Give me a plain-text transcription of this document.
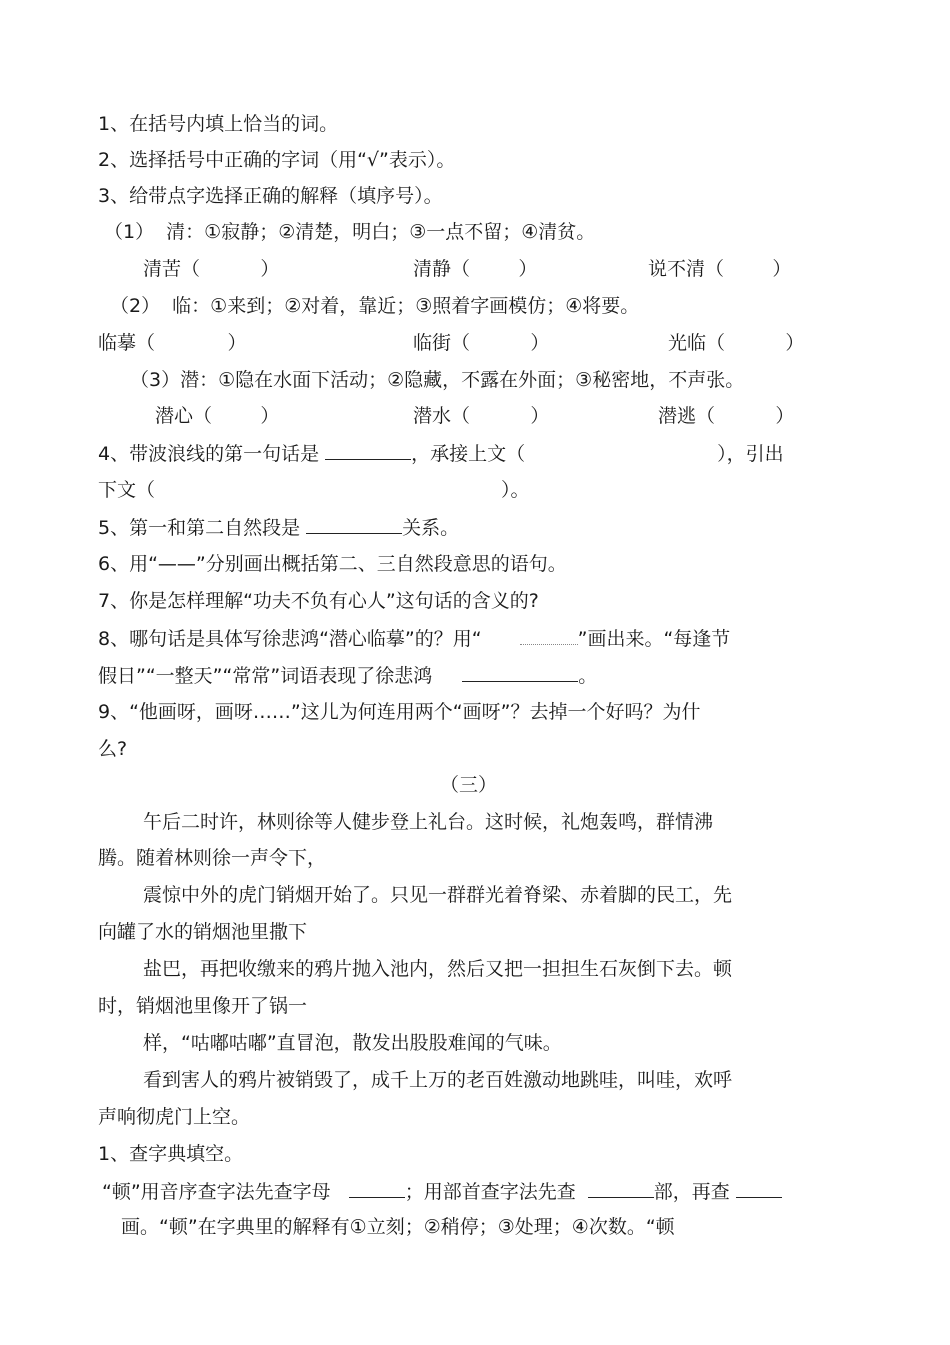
1、在括号内填上恰当的词。
2、选择括号中正确的字词（用“√”表示）。
3、给带点字选择正确的解释（填序号）。
（1）  清：①寂静；②清楚，明白；③一点不留；④清贫。
清苦（          ）	清静（        ）	说不清（        ）
（2）  临：①来到；②对着，靠近；③照着字画模仿；④将要。
临摹（            ）	临街（          ）	光临（          ）
（3）潜：①隐在水面下活动；②隐藏，不露在外面；③秘密地，不声张。
潜心（        ）	潜水（          ）	潜逃（          ）
4、带波浪线的第一句话是	，承接上文（	），引出
下文（	）。
5、第一和第二自然段是	关系。
6、用“——”分别画出概括第二、三自然段意思的语句。
7、你是怎样理解“功夫不负有心人”这句话的含义的?
8、哪句话是具体写徐悲鸿“潜心临摹”的？用“	”画出来。“每逢节
假日”“一整天”“常常”词语表现了徐悲鸿	。
9、“他画呀，画呀……”这儿为何连用两个“画呀”？去掉一个好吗？为什
么?
（三）
午后二时许，林则徐等人健步登上礼台。这时候，礼炮轰鸣，群情沸
腾。随着林则徐一声令下，
震惊中外的虎门销烟开始了。只见一群群光着脊梁、赤着脚的民工，先
向罐了水的销烟池里撒下
盐巴，再把收缴来的鸦片抛入池内，然后又把一担担生石灰倒下去。顿
时，销烟池里像开了锅一
样，“咕嘟咕嘟”直冒泡，散发出股股难闻的气味。
看到害人的鸦片被销毁了，成千上万的老百姓激动地跳哇，叫哇，欢呼
声响彻虎门上空。
1、查字典填空。
“顿”用音序查字法先查字母	；用部首查字法先查	部，再查
画。“顿”在字典里的解释有①立刻；②稍停；③处理；④次数。“顿
